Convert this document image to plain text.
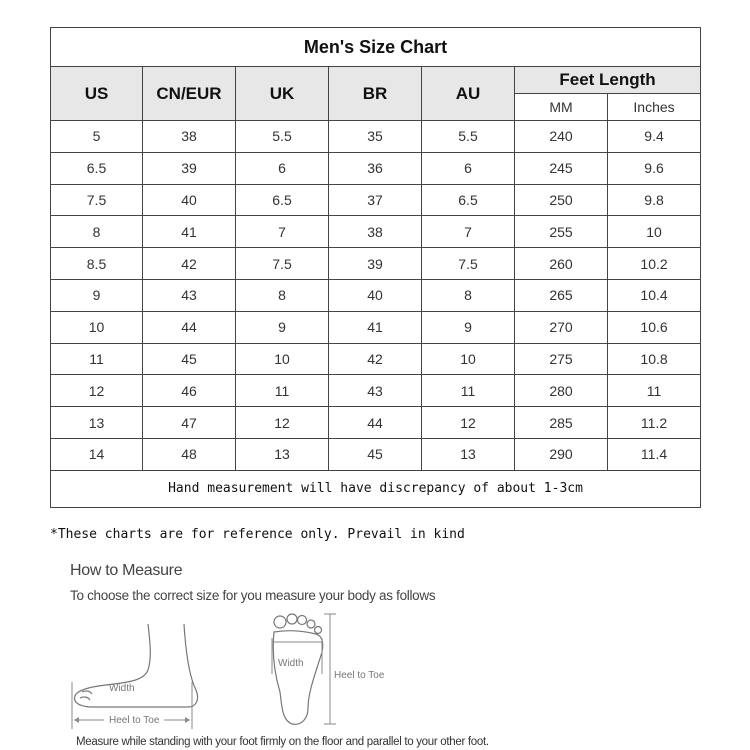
Men's Size Chart						
US	CN/EUR	UK	BR	AU	Feet Length	
					MM	Inches
5	38	5.5	35	5.5	240	9.4
6.5	39	6	36	6	245	9.6
7.5	40	6.5	37	6.5	250	9.8
8	41	7	38	7	255	10
8.5	42	7.5	39	7.5	260	10.2
9	43	8	40	8	265	10.4
10	44	9	41	9	270	10.6
11	45	10	42	10	275	10.8
12	46	11	43	11	280	11
13	47	12	44	12	285	11.2
14	48	13	45	13	290	11.4
Hand measurement will have discrepancy of about 1-3cm						
*These charts are for reference only. Prevail in kind
How to Measure
To choose the correct size for you measure your body as follows
Width
Heel to Toe
Width
Heel to Toe
Measure while standing with your foot firmly on the floor and parallel to your other foot.
